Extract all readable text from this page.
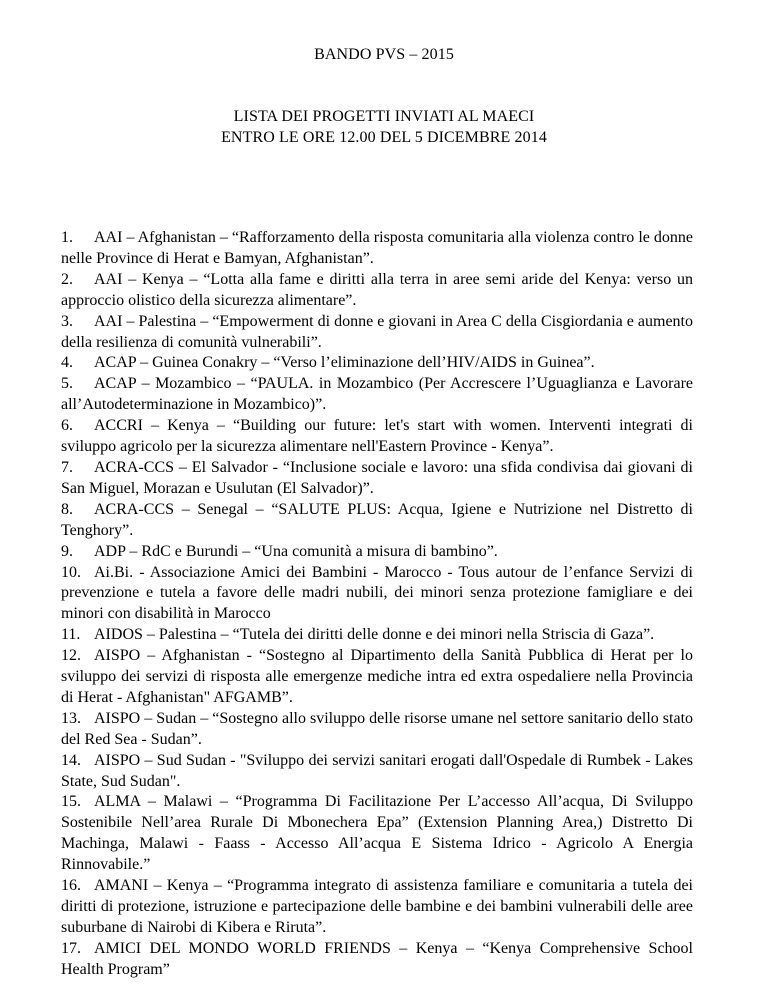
BANDO PVS – 2015
LISTA DEI PROGETTI INVIATI AL MAECI
ENTRO LE ORE 12.00 DEL 5 DICEMBRE 2014

1. AAI – Afghanistan – “Rafforzamento della risposta comunitaria alla violenza contro le donne nelle Province di Herat e Bamyan, Afghanistan”.

2. AAI – Kenya – “Lotta alla fame e diritti alla terra in aree semi aride del Kenya: verso un approccio olistico della sicurezza alimentare”.

3. AAI – Palestina – “Empowerment di donne e giovani in Area C della Cisgiordania e aumento della resilienza di comunità vulnerabili”.

4. ACAP – Guinea Conakry – “Verso l’eliminazione dell’HIV/AIDS in Guinea”.

5. ACAP – Mozambico – “PAULA. in Mozambico (Per Accrescere l’Uguaglianza e Lavorare all’Autodeterminazione in Mozambico)”.

6. ACCRI – Kenya – “Building our future: let's start with women. Interventi integrati di sviluppo agricolo per la sicurezza alimentare nell'Eastern Province - Kenya”.

7. ACRA-CCS – El Salvador - “Inclusione sociale e lavoro: una sfida condivisa dai giovani di San Miguel, Morazan e Usulutan (El Salvador)”.

8. ACRA-CCS – Senegal – “SALUTE PLUS: Acqua, Igiene e Nutrizione nel Distretto di Tenghory”.

9. ADP – RdC e Burundi – “Una comunità a misura di bambino”.

10. Ai.Bi. - Associazione Amici dei Bambini - Marocco - Tous autour de l’enfance Servizi di prevenzione e tutela a favore delle madri nubili, dei minori senza protezione famigliare e dei minori con disabilità in Marocco

11. AIDOS – Palestina – “Tutela dei diritti delle donne e dei minori nella Striscia di Gaza”.

12. AISPO – Afghanistan - “Sostegno al Dipartimento della Sanità Pubblica di Herat per lo sviluppo dei servizi di risposta alle emergenze mediche intra ed extra ospedaliere nella Provincia di Herat - Afghanistan" AFGAMB”.

13. AISPO – Sudan – “Sostegno allo sviluppo delle risorse umane nel settore sanitario dello stato del Red Sea - Sudan”.

14. AISPO – Sud Sudan - "Sviluppo dei servizi sanitari erogati dall'Ospedale di Rumbek - Lakes State, Sud Sudan".

15. ALMA – Malawi – “Programma Di Facilitazione Per L’accesso All’acqua, Di Sviluppo Sostenibile Nell’area Rurale Di Mbonechera Epa” (Extension Planning Area,) Distretto Di Machinga, Malawi - Faass - Accesso All’acqua E Sistema Idrico - Agricolo A Energia Rinnovabile.”

16. AMANI – Kenya – “Programma integrato di assistenza familiare e comunitaria a tutela dei diritti di protezione, istruzione e partecipazione delle bambine e dei bambini vulnerabili delle aree suburbane di Nairobi di Kibera e Riruta”.

17. AMICI DEL MONDO WORLD FRIENDS – Kenya – “Kenya Comprehensive School Health Program”
